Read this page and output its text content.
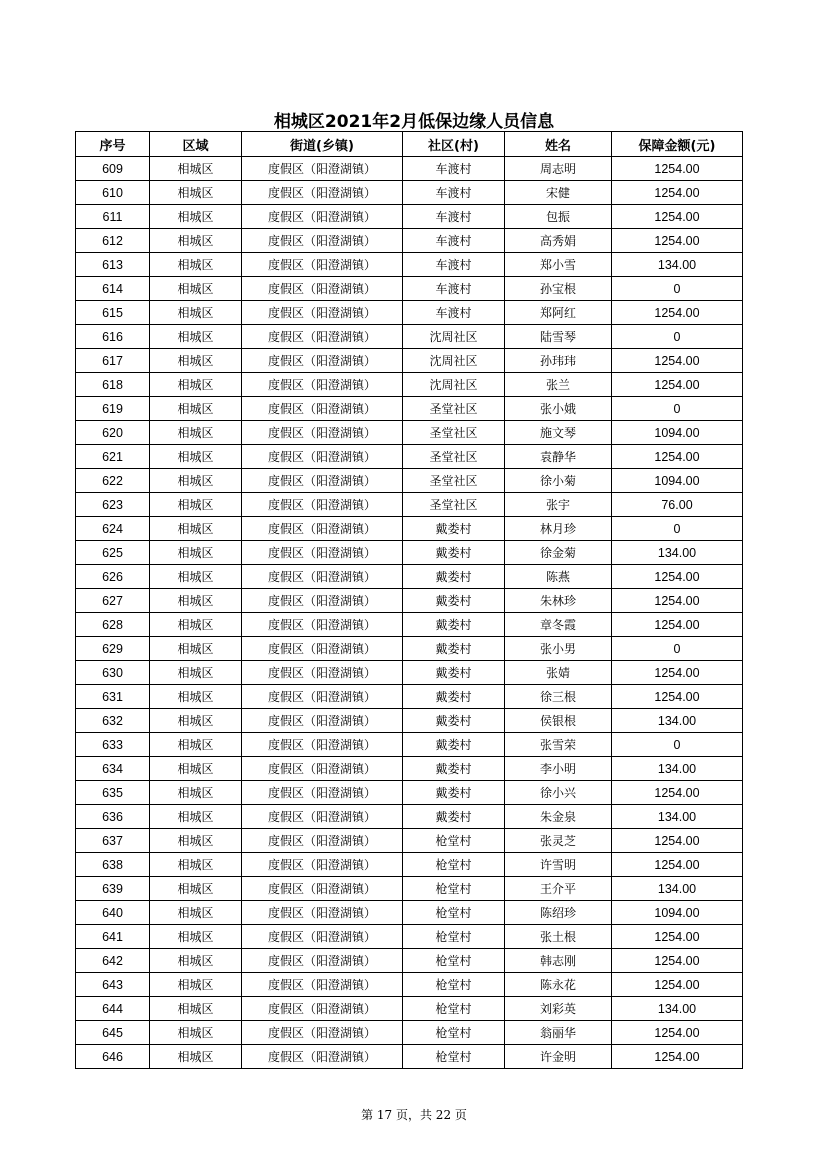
相城区2021年2月低保边缘人员信息
序号	区域	街道(乡镇)	社区(村)	姓名	保障金额(元)
609	相城区	度假区（阳澄湖镇）	车渡村	周志明	1254.00
610	相城区	度假区（阳澄湖镇）	车渡村	宋健	1254.00
611	相城区	度假区（阳澄湖镇）	车渡村	包振	1254.00
612	相城区	度假区（阳澄湖镇）	车渡村	高秀娟	1254.00
613	相城区	度假区（阳澄湖镇）	车渡村	郑小雪	134.00
614	相城区	度假区（阳澄湖镇）	车渡村	孙宝根	0
615	相城区	度假区（阳澄湖镇）	车渡村	郑阿红	1254.00
616	相城区	度假区（阳澄湖镇）	沈周社区	陆雪琴	0
617	相城区	度假区（阳澄湖镇）	沈周社区	孙玮玮	1254.00
618	相城区	度假区（阳澄湖镇）	沈周社区	张兰	1254.00
619	相城区	度假区（阳澄湖镇）	圣堂社区	张小娥	0
620	相城区	度假区（阳澄湖镇）	圣堂社区	施文琴	1094.00
621	相城区	度假区（阳澄湖镇）	圣堂社区	袁静华	1254.00
622	相城区	度假区（阳澄湖镇）	圣堂社区	徐小菊	1094.00
623	相城区	度假区（阳澄湖镇）	圣堂社区	张宇	76.00
624	相城区	度假区（阳澄湖镇）	戴娄村	林月珍	0
625	相城区	度假区（阳澄湖镇）	戴娄村	徐金菊	134.00
626	相城区	度假区（阳澄湖镇）	戴娄村	陈燕	1254.00
627	相城区	度假区（阳澄湖镇）	戴娄村	朱林珍	1254.00
628	相城区	度假区（阳澄湖镇）	戴娄村	章冬霞	1254.00
629	相城区	度假区（阳澄湖镇）	戴娄村	张小男	0
630	相城区	度假区（阳澄湖镇）	戴娄村	张婧	1254.00
631	相城区	度假区（阳澄湖镇）	戴娄村	徐三根	1254.00
632	相城区	度假区（阳澄湖镇）	戴娄村	侯银根	134.00
633	相城区	度假区（阳澄湖镇）	戴娄村	张雪荣	0
634	相城区	度假区（阳澄湖镇）	戴娄村	李小明	134.00
635	相城区	度假区（阳澄湖镇）	戴娄村	徐小兴	1254.00
636	相城区	度假区（阳澄湖镇）	戴娄村	朱金泉	134.00
637	相城区	度假区（阳澄湖镇）	枪堂村	张灵芝	1254.00
638	相城区	度假区（阳澄湖镇）	枪堂村	许雪明	1254.00
639	相城区	度假区（阳澄湖镇）	枪堂村	王介平	134.00
640	相城区	度假区（阳澄湖镇）	枪堂村	陈绍珍	1094.00
641	相城区	度假区（阳澄湖镇）	枪堂村	张土根	1254.00
642	相城区	度假区（阳澄湖镇）	枪堂村	韩志刚	1254.00
643	相城区	度假区（阳澄湖镇）	枪堂村	陈永花	1254.00
644	相城区	度假区（阳澄湖镇）	枪堂村	刘彩英	134.00
645	相城区	度假区（阳澄湖镇）	枪堂村	翁丽华	1254.00
646	相城区	度假区（阳澄湖镇）	枪堂村	许金明	1254.00
第 17 页，共 22 页
